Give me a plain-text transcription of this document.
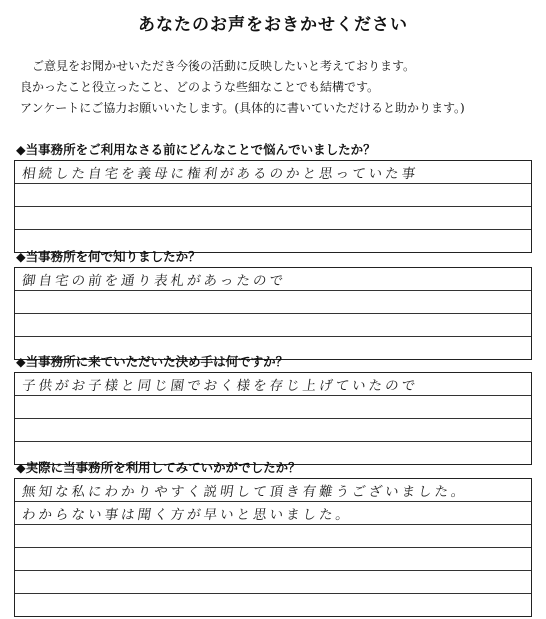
あなたのお声をおきかせください
ご意見をお聞かせいただき今後の活動に反映したいと考えております。
良かったこと役立ったこと、どのような些細なことでも結構です。
アンケートにご協力お願いいたします。(具体的に書いていただけると助かります。)
◆当事務所をご利用なさる前にどんなことで悩んでいましたか？
相続した自宅を義母に権利があるのかと思っていた事
◆当事務所を何で知りましたか？
御自宅の前を通り表札があったので
◆当事務所に来ていただいた決め手は何ですか？
子供がお子様と同じ園でおく様を存じ上げていたので
◆実際に当事務所を利用してみていかがでしたか？
無知な私にわかりやすく説明して頂き有難うございました。
わからない事は聞く方が早いと思いました。
